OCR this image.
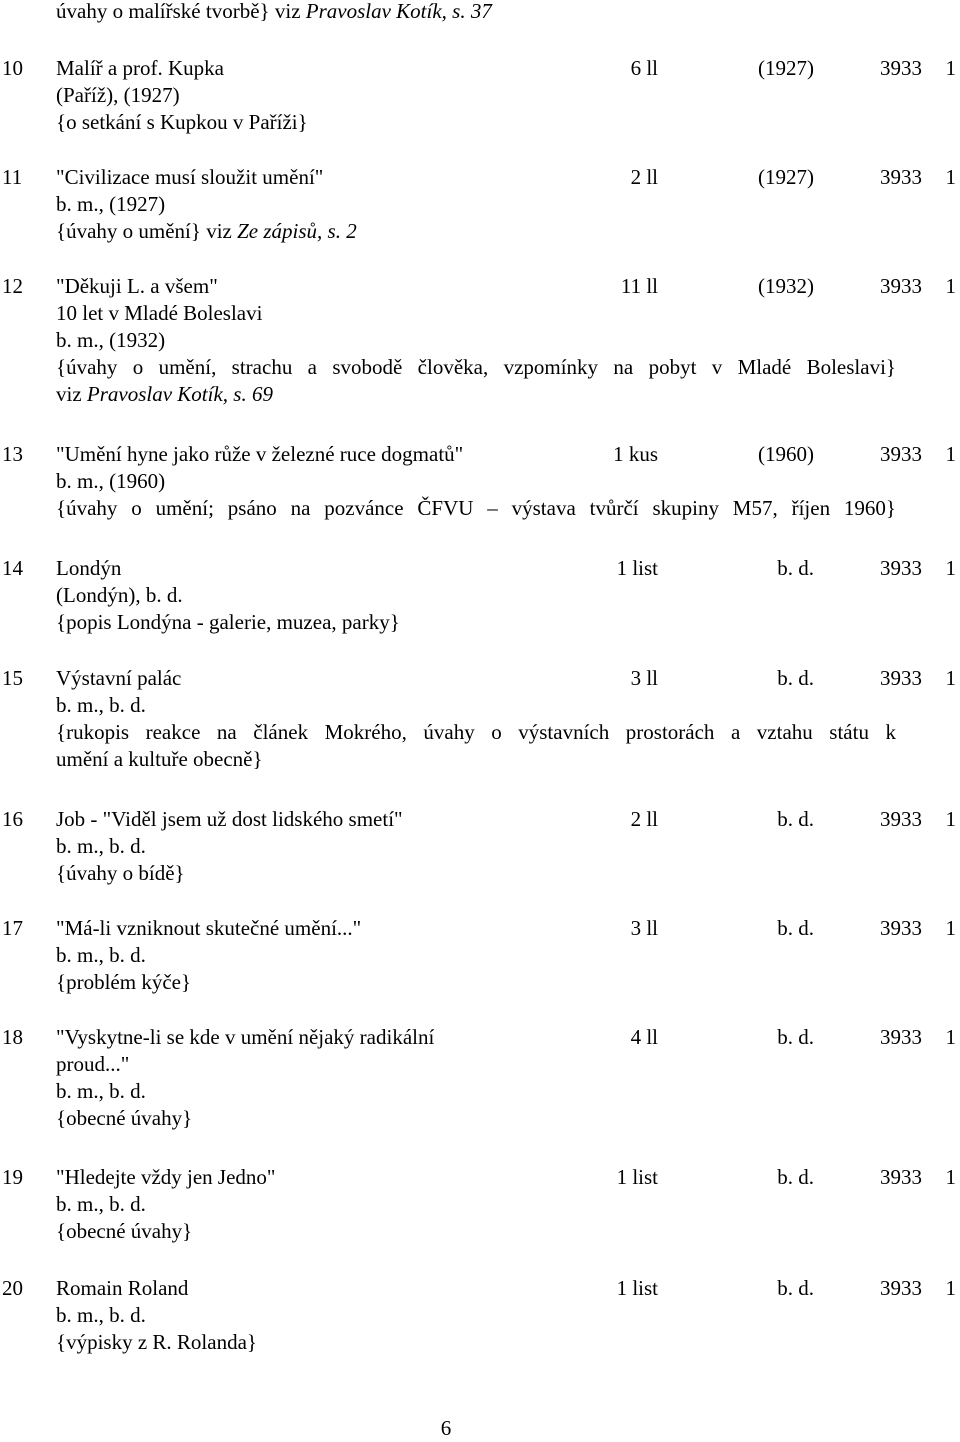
úvahy o malířské tvorbě} viz Pravoslav Kotík, s. 37
10 Malíř a prof. Kupka	6 ll	(1927)	3933	1
(Paříž), (1927)
{o setkání s Kupkou v Paříži}
11 "Civilizace musí sloužit umění"	2 ll	(1927)	3933	1
b. m., (1927)
{úvahy o umění} viz Ze zápisů, s. 2
12 "Děkuji L. a všem"	11 ll	(1932)	3933	1
10 let v Mladé Boleslavi
b. m., (1932)
{úvahy o umění, strachu a svobodě člověka, vzpomínky na pobyt v Mladé Boleslavi}
viz Pravoslav Kotík, s. 69
13 "Umění hyne jako růže v železné ruce dogmatů"	1 kus	(1960)	3933	1
b. m., (1960)
{úvahy o umění; psáno na pozvánce ČFVU – výstava tvůrčí skupiny M57, říjen 1960}
14 Londýn	1 list	b. d.	3933	1
(Londýn), b. d.
{popis Londýna - galerie, muzea, parky}
15 Výstavní palác	3 ll	b. d.	3933	1
b. m., b. d.
{rukopis reakce na článek Mokrého, úvahy o výstavních prostorách a vztahu státu k
umění a kultuře obecně}
16 Job - "Viděl jsem už dost lidského smetí"	2 ll	b. d.	3933	1
b. m., b. d.
{úvahy o bídě}
17 "Má-li vzniknout skutečné umění..."	3 ll	b. d.	3933	1
b. m., b. d.
{problém kýče}
18 "Vyskytne-li se kde v umění nějaký radikální	4 ll	b. d.	3933	1
proud..."
b. m., b. d.
{obecné úvahy}
19 "Hledejte vždy jen Jedno"	1 list	b. d.	3933	1
b. m., b. d.
{obecné úvahy}
20 Romain Roland	1 list	b. d.	3933	1
b. m., b. d.
{výpisky z R. Rolanda}
6
